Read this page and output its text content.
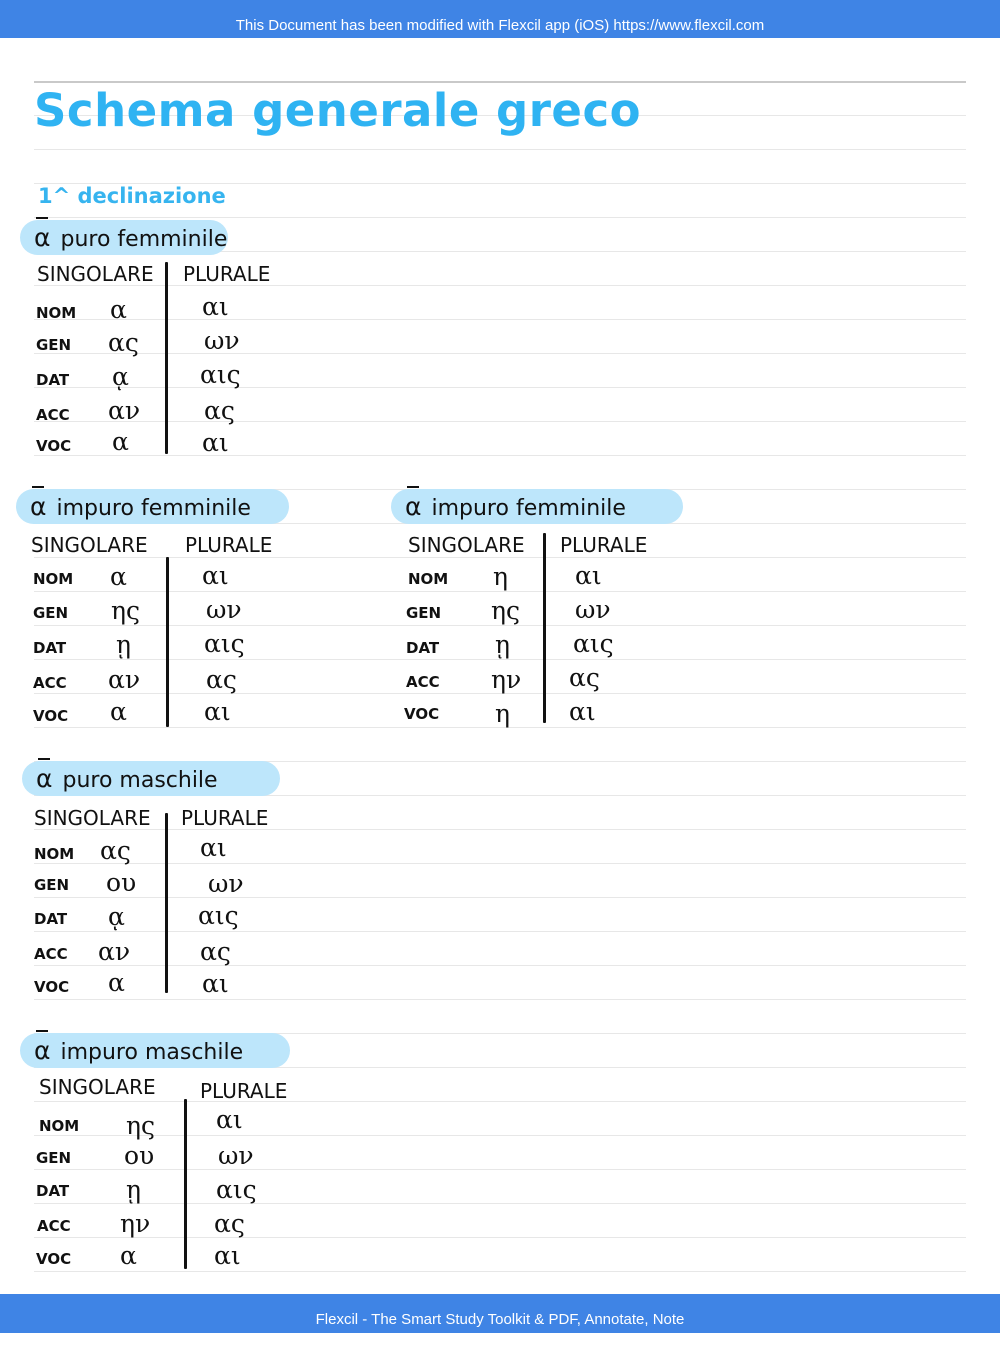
This Document has been modified with Flexcil app (iOS) https://www.flexcil.com
Schema generale greco
1^ declinazione
α puro femminile
SINGOLARE PLURALE
NOM α	αι
GEN ας	ων
DAT ᾳ	αις
ACC αν	ας
VOC α	αι
α impuro femminile
SINGOLARE PLURALE
NOM α	αι
GEN ης	ων
DAT ῃ	αις
ACC αν	ας
VOC α	αι
α impuro femminile
SINGOLARE PLURALE
NOM η	αι
GEN ης ων
DAT ῃ	αις
ACC ην ας
VOC η αι
α puro maschile
SINGOLARE PLURALE
NOM ας	αι
GEN ου	ων
DAT ᾳ	αις
ACC αν	ας
VOC α	αι
α impuro maschile
SINGOLARE PLURALE
NOM ης αι
GEN ου	ων
DAT ῃ	αις
ACC ην	ας
VOC α	αι
Flexcil - The Smart Study Toolkit & PDF, Annotate, Note
